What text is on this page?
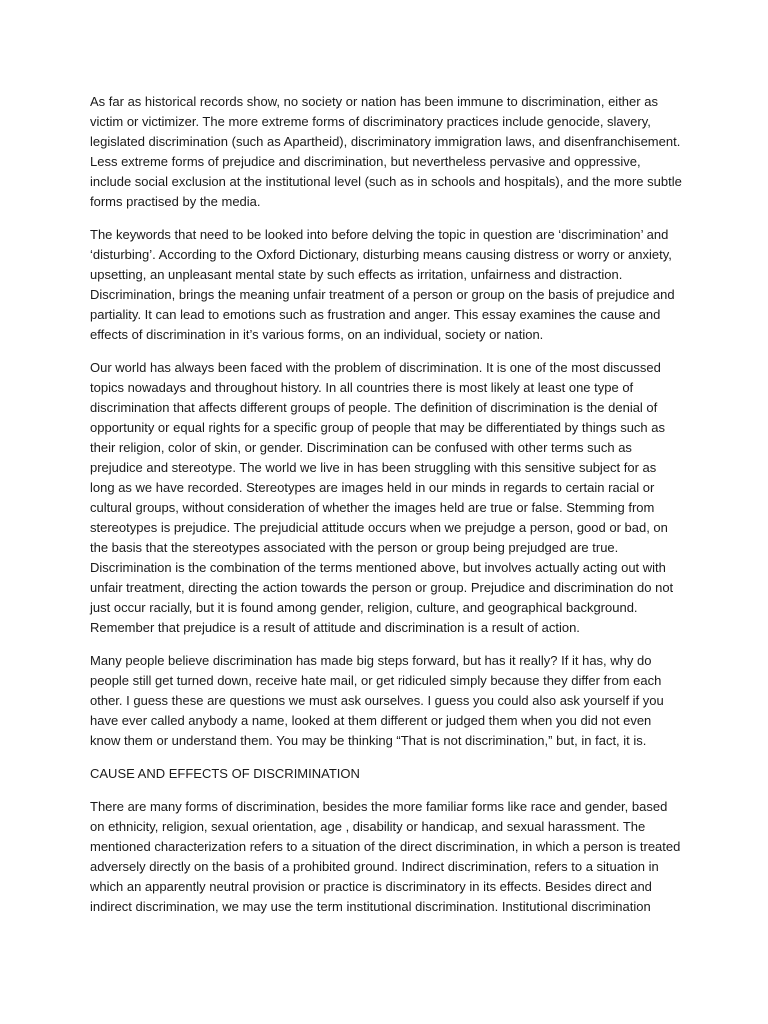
As far as historical records show, no society or nation has been immune to discrimination, either as victim or victimizer. The more extreme forms of discriminatory practices include genocide, slavery, legislated discrimination (such as Apartheid), discriminatory immigration laws, and disenfranchisement. Less extreme forms of prejudice and discrimination, but nevertheless pervasive and oppressive, include social exclusion at the institutional level (such as in schools and hospitals), and the more subtle forms practised by the media.

The keywords that need to be looked into before delving the topic in question are ‘discrimination’ and ‘disturbing’. According to the Oxford Dictionary, disturbing means causing distress or worry or anxiety, upsetting, an unpleasant mental state by such effects as irritation, unfairness and distraction. Discrimination, brings the meaning unfair treatment of a person or group on the basis of prejudice and partiality. It can lead to emotions such as frustration and anger. This essay examines the cause and effects of discrimination in it’s various forms, on an individual, society or nation.

Our world has always been faced with the problem of discrimination. It is one of the most discussed topics nowadays and throughout history. In all countries there is most likely at least one type of discrimination that affects different groups of people. The definition of discrimination is the denial of opportunity or equal rights for a specific group of people that may be differentiated by things such as their religion, color of skin, or gender. Discrimination can be confused with other terms such as prejudice and stereotype. The world we live in has been struggling with this sensitive subject for as long as we have recorded. Stereotypes are images held in our minds in regards to certain racial or cultural groups, without consideration of whether the images held are true or false. Stemming from stereotypes is prejudice. The prejudicial attitude occurs when we prejudge a person, good or bad, on the basis that the stereotypes associated with the person or group being prejudged are true. Discrimination is the combination of the terms mentioned above, but involves actually acting out with unfair treatment, directing the action towards the person or group. Prejudice and discrimination do not just occur racially, but it is found among gender, religion, culture, and geographical background. Remember that prejudice is a result of attitude and discrimination is a result of action.

Many people believe discrimination has made big steps forward, but has it really? If it has, why do people still get turned down, receive hate mail, or get ridiculed simply because they differ from each other. I guess these are questions we must ask ourselves. I guess you could also ask yourself if you have ever called anybody a name, looked at them different or judged them when you did not even know them or understand them. You may be thinking “That is not discrimination,” but, in fact, it is.

CAUSE AND EFFECTS OF DISCRIMINATION

There are many forms of discrimination, besides the more familiar forms like race and gender, based on ethnicity, religion, sexual orientation, age , disability or handicap, and sexual harassment. The mentioned characterization refers to a situation of the direct discrimination, in which a person is treated adversely directly on the basis of a prohibited ground. Indirect discrimination, refers to a situation in which an apparently neutral provision or practice is discriminatory in its effects. Besides direct and indirect discrimination, we may use the term institutional discrimination. Institutional discrimination
